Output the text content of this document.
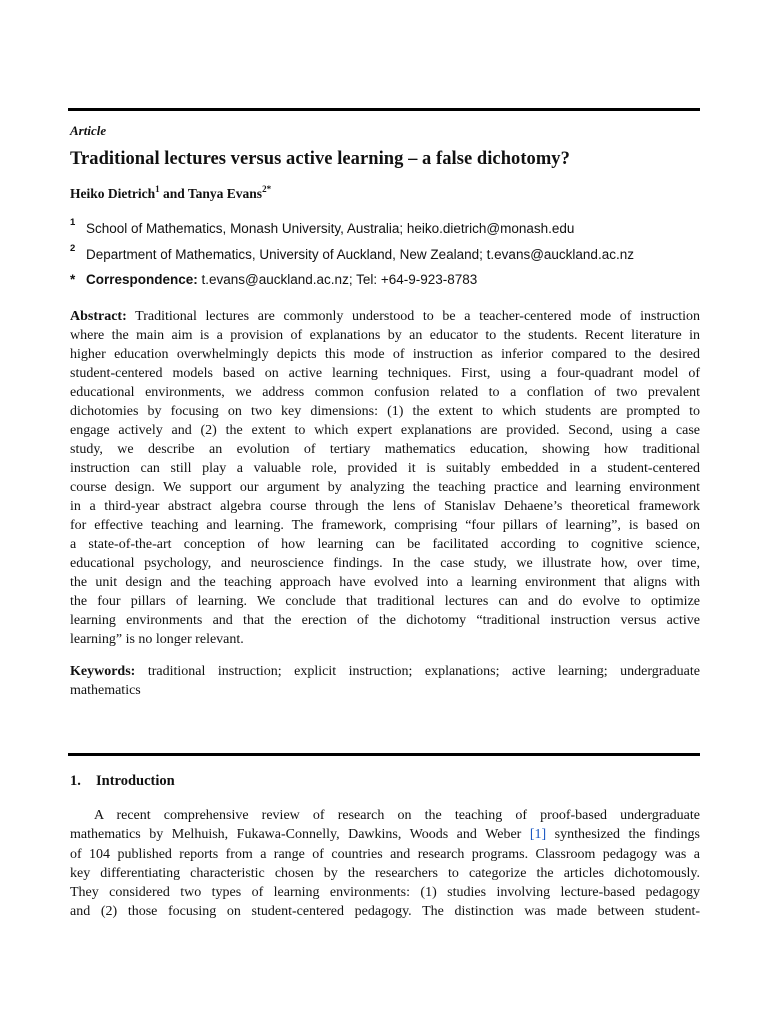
Article
Traditional lectures versus active learning – a false dichotomy?
Heiko Dietrich$^1$ and Tanya Evans$^{2*}$
1 School of Mathematics, Monash University, Australia; heiko.dietrich@monash.edu
2 Department of Mathematics, University of Auckland, New Zealand; t.evans@auckland.ac.nz
* Correspondence: t.evans@auckland.ac.nz; Tel: +64-9-923-8783
Abstract: Traditional lectures are commonly understood to be a teacher-centered mode of instruction
where the main aim is a provision of explanations by an educator to the students. Recent literature in
higher education overwhelmingly depicts this mode of instruction as inferior compared to the desired
student-centered models based on active learning techniques. First, using a four-quadrant model of
educational environments, we address common confusion related to a conflation of two prevalent
dichotomies by focusing on two key dimensions: (1) the extent to which students are prompted to
engage actively and (2) the extent to which expert explanations are provided. Second, using a case
study, we describe an evolution of tertiary mathematics education, showing how traditional
instruction can still play a valuable role, provided it is suitably embedded in a student-centered
course design. We support our argument by analyzing the teaching practice and learning environment
in a third-year abstract algebra course through the lens of Stanislav Dehaene’s theoretical framework
for effective teaching and learning. The framework, comprising “four pillars of learning”, is based on
a state-of-the-art conception of how learning can be facilitated according to cognitive science,
educational psychology, and neuroscience findings. In the case study, we illustrate how, over time,
the unit design and the teaching approach have evolved into a learning environment that aligns with
the four pillars of learning. We conclude that traditional lectures can and do evolve to optimize
learning environments and that the erection of the dichotomy “traditional instruction versus active
learning” is no longer relevant.
Keywords: traditional instruction; explicit instruction; explanations; active learning; undergraduate
mathematics
1. Introduction
A recent comprehensive review of research on the teaching of proof-based undergraduate
mathematics by Melhuish, Fukawa-Connelly, Dawkins, Woods and Weber [1] synthesized the findings
of 104 published reports from a range of countries and research programs. Classroom pedagogy was a
key differentiating characteristic chosen by the researchers to categorize the articles dichotomously.
They considered two types of learning environments: (1) studies involving lecture-based pedagogy
and (2) those focusing on student-centered pedagogy. The distinction was made between student-
